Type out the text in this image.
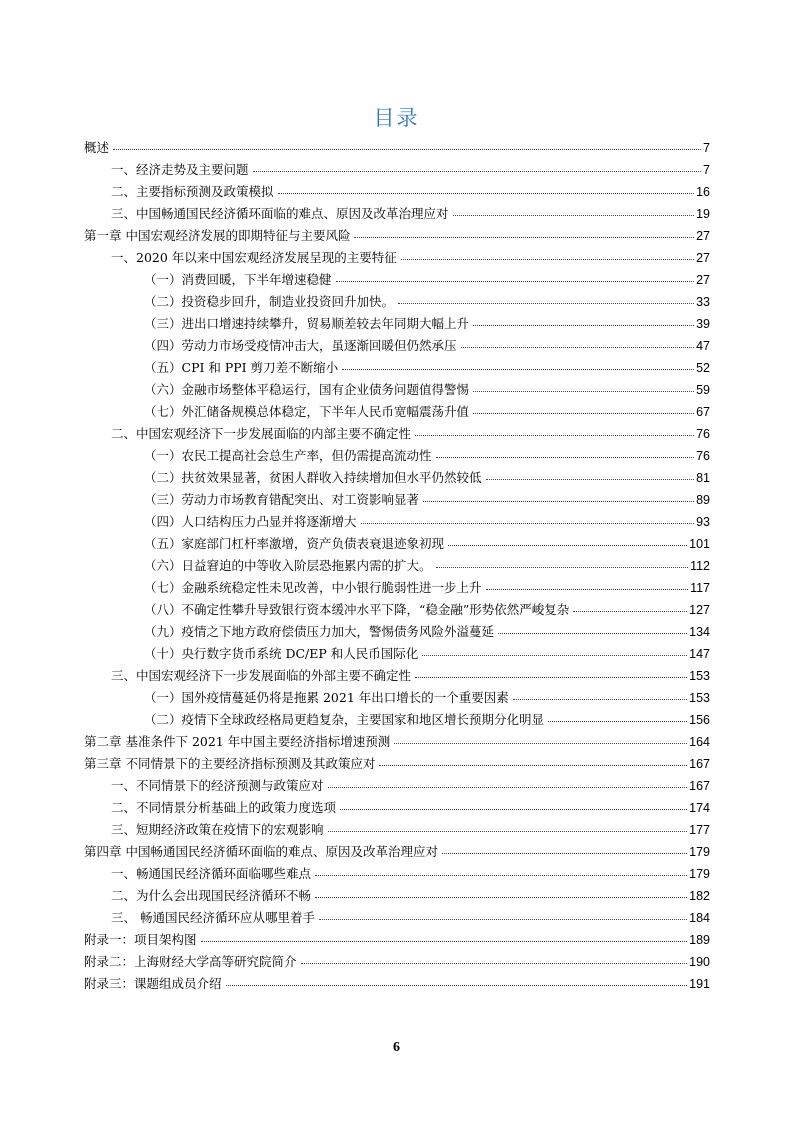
目录
概述	7
一、经济走势及主要问题	7
二、主要指标预测及政策模拟	16
三、中国畅通国民经济循环面临的难点、原因及改革治理应对	19
第一章 中国宏观经济发展的即期特征与主要风险	27
一、2020 年以来中国宏观经济发展呈现的主要特征	27
（一）消费回暖，下半年增速稳健	27
（二）投资稳步回升，制造业投资回升加快。	33
（三）进出口增速持续攀升，贸易顺差较去年同期大幅上升	39
（四）劳动力市场受疫情冲击大，虽逐渐回暖但仍然承压	47
（五）CPI 和 PPI 剪刀差不断缩小	52
（六）金融市场整体平稳运行，国有企业债务问题值得警惕	59
（七）外汇储备规模总体稳定，下半年人民币宽幅震荡升值	67
二、中国宏观经济下一步发展面临的内部主要不确定性	76
（一）农民工提高社会总生产率，但仍需提高流动性	76
（二）扶贫效果显著，贫困人群收入持续增加但水平仍然较低	81
（三）劳动力市场教育错配突出、对工资影响显著	89
（四）人口结构压力凸显并将逐渐增大	93
（五）家庭部门杠杆率激增，资产负债表衰退迹象初现	101
（六）日益窘迫的中等收入阶层恐拖累内需的扩大。	112
（七）金融系统稳定性未见改善，中小银行脆弱性进一步上升	117
（八）不确定性攀升导致银行资本缓冲水平下降，“稳金融”形势依然严峻复杂	127
（九）疫情之下地方政府偿债压力加大，警惕债务风险外溢蔓延	134
（十）央行数字货币系统 DC/EP 和人民币国际化	147
三、中国宏观经济下一步发展面临的外部主要不确定性	153
（一）国外疫情蔓延仍将是拖累 2021 年出口增长的一个重要因素	153
（二）疫情下全球政经格局更趋复杂，主要国家和地区增长预期分化明显	156
第二章 基准条件下 2021 年中国主要经济指标增速预测	164
第三章 不同情景下的主要经济指标预测及其政策应对	167
一、不同情景下的经济预测与政策应对	167
二、不同情景分析基础上的政策力度选项	174
三、短期经济政策在疫情下的宏观影响	177
第四章 中国畅通国民经济循环面临的难点、原因及改革治理应对	179
一、畅通国民经济循环面临哪些难点	179
二、为什么会出现国民经济循环不畅	182
三、 畅通国民经济循环应从哪里着手	184
附录一：项目架构图	189
附录二：上海财经大学高等研究院简介	190
附录三：课题组成员介绍	191
6
